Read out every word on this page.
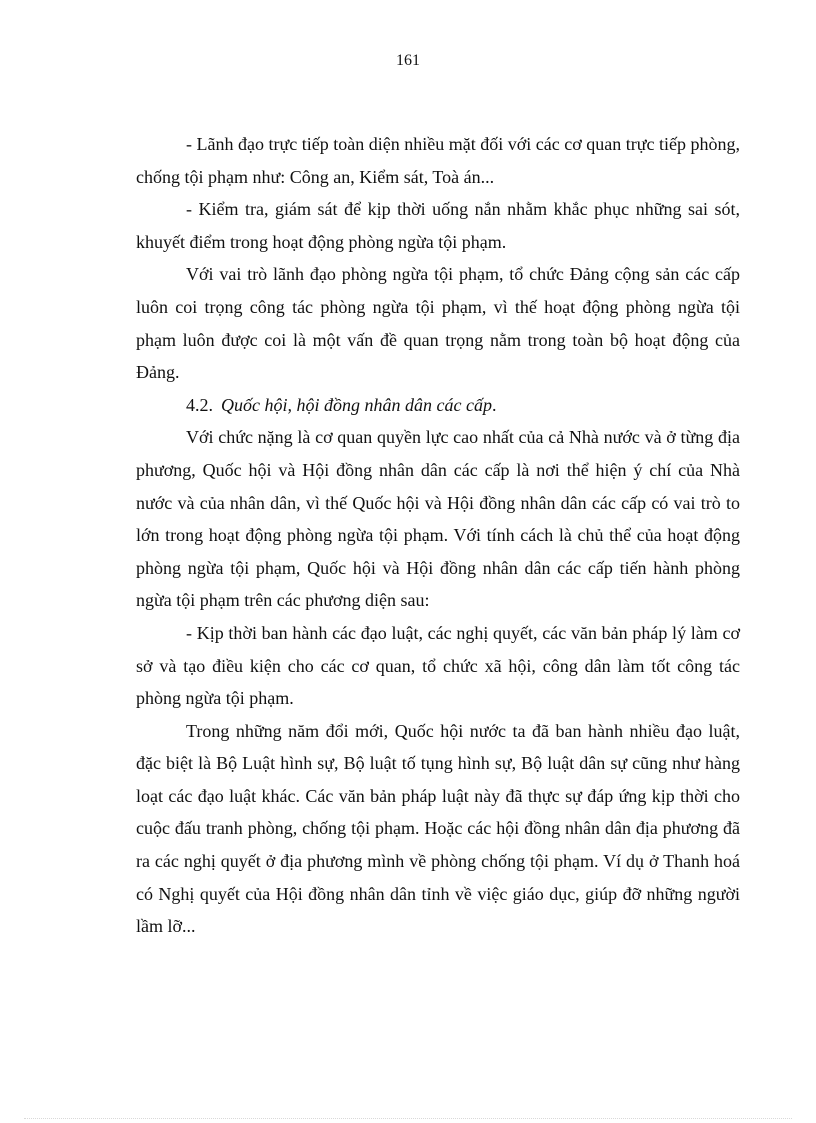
161

- Lãnh đạo trực tiếp toàn diện nhiều mặt đối với các cơ quan trực tiếp phòng, chống tội phạm như: Công an, Kiểm sát, Toà án...

- Kiểm tra, giám sát để kịp thời uống nắn nhằm khắc phục những sai sót, khuyết điểm trong hoạt động phòng ngừa tội phạm.

Với vai trò lãnh đạo phòng ngừa tội phạm, tổ chức Đảng cộng sản các cấp luôn coi trọng công tác phòng ngừa tội phạm, vì thế hoạt động phòng ngừa tội phạm luôn được coi là một vấn đề quan trọng nằm trong toàn bộ hoạt động của Đảng.

4.2. Quốc hội, hội đồng nhân dân các cấp.

Với chức nặng là cơ quan quyền lực cao nhất của cả Nhà nước và ở từng địa phương, Quốc hội và Hội đồng nhân dân các cấp là nơi thể hiện ý chí của Nhà nước và của nhân dân, vì thế Quốc hội và Hội đồng nhân dân các cấp có vai trò to lớn trong hoạt động phòng ngừa tội phạm. Với tính cách là chủ thể của hoạt động phòng ngừa tội phạm, Quốc hội và Hội đồng nhân dân các cấp tiến hành phòng ngừa tội phạm trên các phương diện sau:

- Kịp thời ban hành các đạo luật, các nghị quyết, các văn bản pháp lý làm cơ sở và tạo điều kiện cho các cơ quan, tổ chức xã hội, công dân làm tốt công tác phòng ngừa tội phạm.

Trong những năm đổi mới, Quốc hội nước ta đã ban hành nhiều đạo luật, đặc biệt là Bộ Luật hình sự, Bộ luật tố tụng hình sự, Bộ luật dân sự cũng như hàng loạt các đạo luật khác. Các văn bản pháp luật này đã thực sự đáp ứng kịp thời cho cuộc đấu tranh phòng, chống tội phạm. Hoặc các hội đồng nhân dân địa phương đã ra các nghị quyết ở địa phương mình về phòng chống tội phạm. Ví dụ ở Thanh hoá có Nghị quyết của Hội đồng nhân dân tỉnh về việc giáo dục, giúp đỡ những người lầm lỡ...
